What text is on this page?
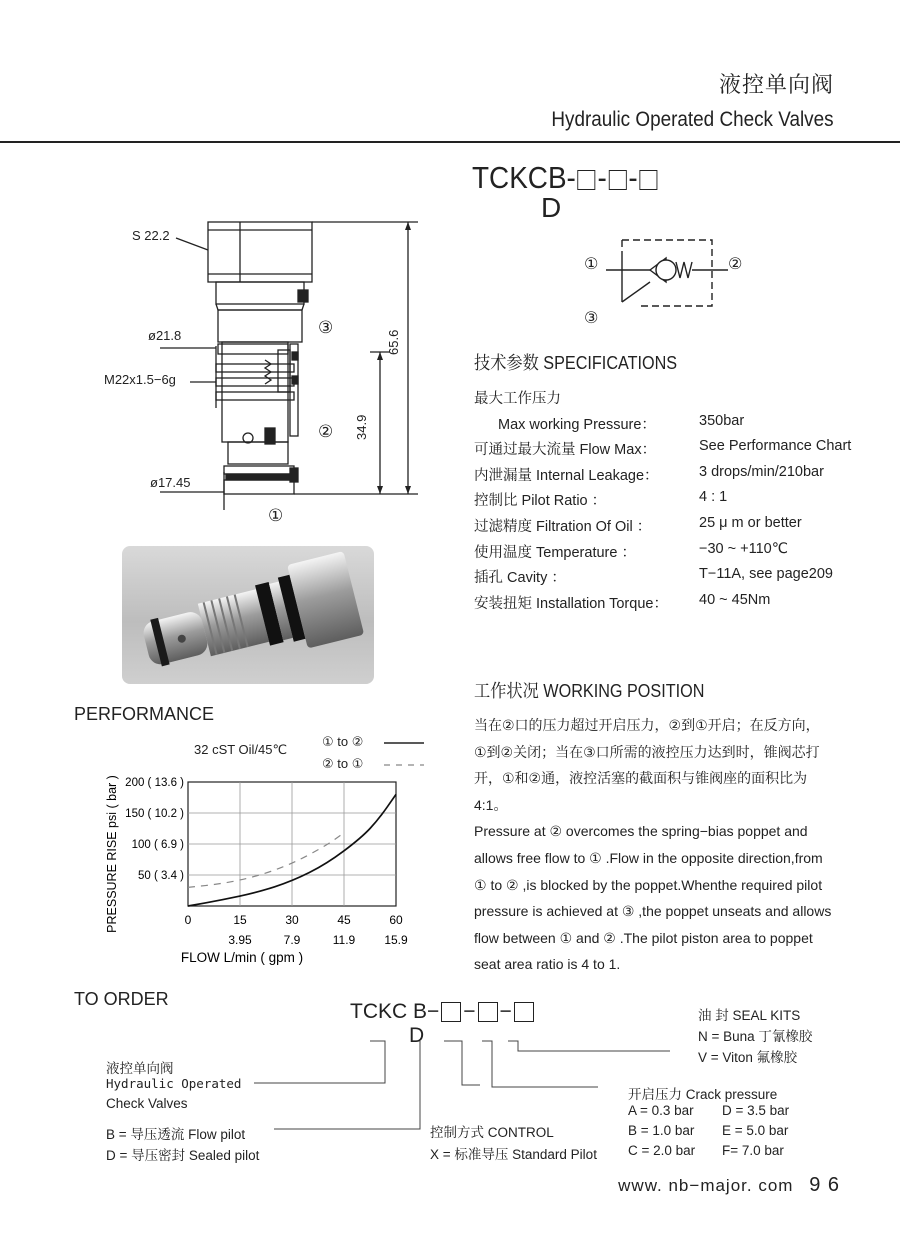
液控单向阀
Hydraulic Operated Check Valves
TCKCB- - -
D
S 22.2
ø21.8
M22x1.5−6g
ø17.45
65.6
34.9
③
②
①
①	②
③
技术参数 SPECIFICATIONS
最大工作压力
Max working Pressure：	350bar
可通过最大流量 Flow Max：	See Performance Chart
内泄漏量 Internal Leakage：	3 drops/min/210bar
控制比 Pilot Ratio ：	4 : 1
过滤精度 Filtration Of Oil ：	25 μ m or better
使用温度 Temperature ：	−30 ~ +110℃
插孔 Cavity ：	T−11A, see page209
安装扭矩 Installation Torque： 40 ~ 45Nm
工作状况 WORKING POSITION
当在②口的压力超过开启压力，②到①开启；在反方向，
①到②关闭；当在③口所需的液控压力达到时，锥阀芯打
开，①和②通，液控活塞的截面积与锥阀座的面积比为
4:1。
Pressure at ② overcomes the spring−bias poppet and
allows free flow to ① .Flow in the opposite direction,from
① to ② ,is blocked by the poppet.Whenthe required pilot
pressure is achieved at ③ ,the poppet unseats and allows
flow between ① and ② .The pilot piston area to poppet
seat area ratio is 4 to 1.
PERFORMANCE
32 cST Oil/45℃
① to ②
② to ①
0	15	30	45	60
3.95	7.9	11.9 15.9
50 ( 3.4 )
100 ( 6.9 )
150 ( 10.2 )
200 ( 13.6 )
FLOW L/min ( gpm )
PRESSURE RISE psi ( bar )
TO ORDER
TCKC B− − −
D
液控单向阀
Hydraulic Operated
Check Valves
B = 导压透流 Flow pilot
D = 导压密封 Sealed pilot
控制方式 CONTROL
X = 标准导压 Standard Pilot
开启压力 Crack pressure
A = 0.3 bar D = 3.5 bar
B = 1.0 bar E = 5.0 bar
C = 2.0 bar F= 7.0 bar
油 封 SEAL KITS
N = Buna 丁氰橡胶
V = Viton 氟橡胶
www. nb−major. com 9 6
